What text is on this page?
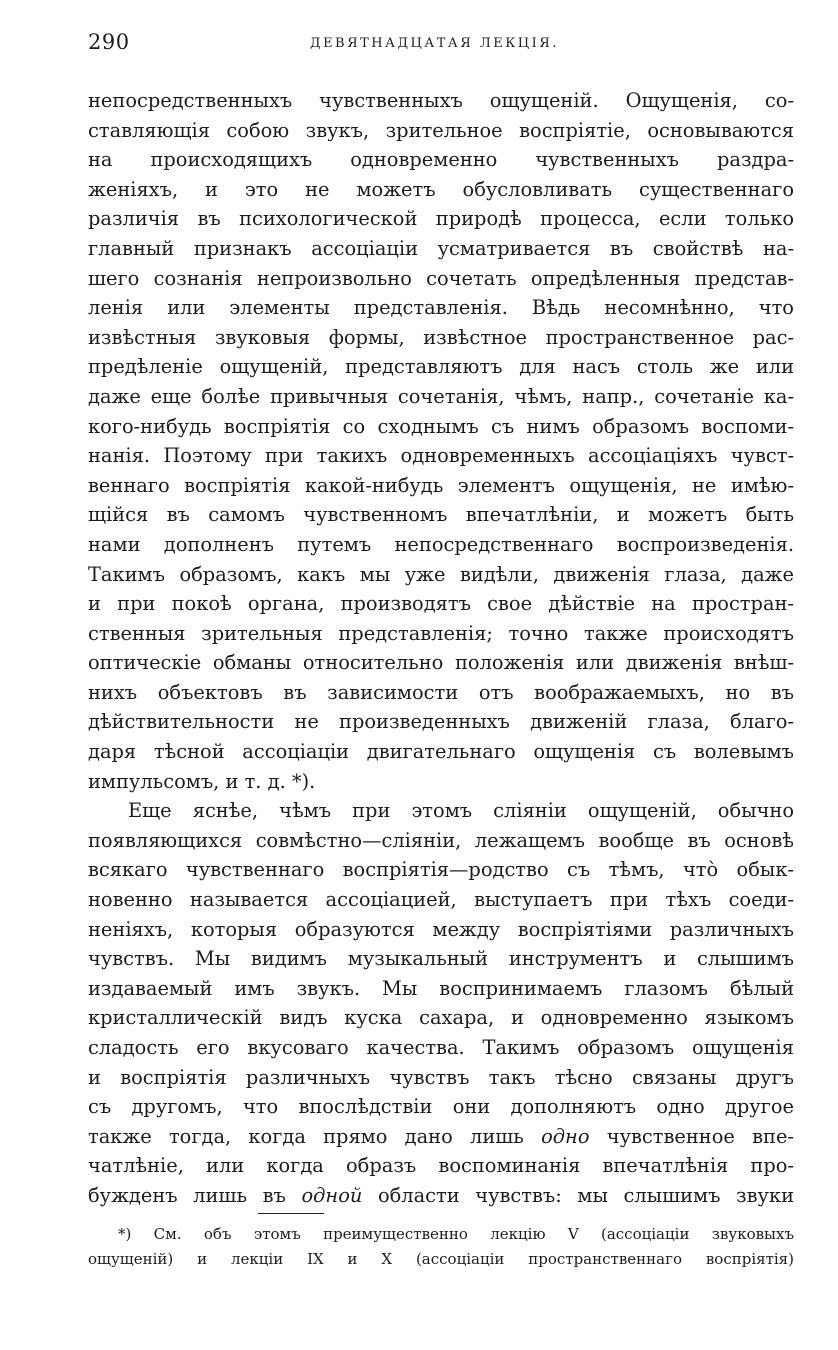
290	ДЕВЯТНАДЦАТАЯ ЛЕКЦІЯ.
непосредственныхъ чувственныхъ ощущеній. Ощущенія, со-
ставляющія собою звукъ, зрительное воспріятіе, основываются
на происходящихъ одновременно чувственныхъ раздра-
женіяхъ, и это не можетъ обусловливать существеннаго
различія въ психологической природѣ процесса, если только
главный признакъ ассоціаціи усматривается въ свойствѣ на-
шего сознанія непроизвольно сочетать опредѣленныя представ-
ленія или элементы представленія. Вѣдь несомнѣнно, что
извѣстныя звуковыя формы, извѣстное пространственное рас-
предѣленіе ощущеній, представляютъ для насъ столь же или
даже еще болѣе привычныя сочетанія, чѣмъ, напр., сочетаніе ка-
кого-нибудь воспріятія со сходнымъ съ нимъ образомъ воспоми-
нанія. Поэтому при такихъ одновременныхъ ассоціаціяхъ чувст-
веннаго воспріятія какой-нибудь элементъ ощущенія, не имѣю-
щійся въ самомъ чувственномъ впечатлѣніи, и можетъ быть
нами дополненъ путемъ непосредственнаго воспроизведенія.
Такимъ образомъ, какъ мы уже видѣли, движенія глаза, даже
и при покоѣ органа, производятъ свое дѣйствіе на простран-
ственныя зрительныя представленія; точно также происходятъ
оптическіе обманы относительно положенія или движенія внѣш-
нихъ объектовъ въ зависимости отъ воображаемыхъ, но въ
дѣйствительности не произведенныхъ движеній глаза, благо-
даря тѣсной ассоціаціи двигательнаго ощущенія съ волевымъ
импульсомъ, и т. д. *).
Еще яснѣе, чѣмъ при этомъ сліяніи ощущеній, обычно
появляющихся совмѣстно—сліяніи, лежащемъ вообще въ основѣ
всякаго чувственнаго воспріятія—родство съ тѣмъ, что̀ обык-
новенно называется ассоціацией, выступаетъ при тѣхъ соеди-
неніяхъ, которыя образуются между воспріятіями различныхъ
чувствъ. Мы видимъ музыкальный инструментъ и слышимъ
издаваемый имъ звукъ. Мы воспринимаемъ глазомъ бѣлый
кристаллическій видъ куска сахара, и одновременно языкомъ
сладость его вкусоваго качества. Такимъ образомъ ощущенія
и воспріятія различныхъ чувствъ такъ тѣсно связаны другъ
съ другомъ, что впослѣдствіи они дополняютъ одно другое
также тогда, когда прямо дано лишь одно чувственное впе-
чатлѣніе, или когда образъ воспоминанія впечатлѣнія про-
бужденъ лишь въ одной области чувствъ: мы слышимъ звуки
*) См. объ этомъ преимущественно лекцію V (ассоціаціи звуковыхъ
ощущеній) и лекціи IX и X (ассоціаціи пространственнаго воспріятія)
